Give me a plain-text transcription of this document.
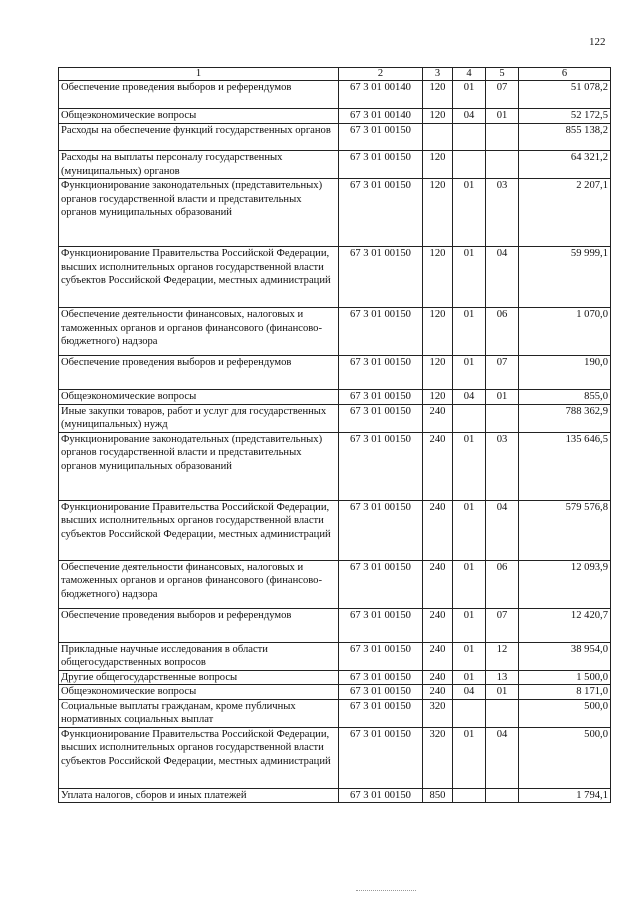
122
1	2	3	4	5	6
Обеспечение проведения выборов и референдумов	67 3 01 00140	120	01	07	51 078,2
Общеэкономические вопросы	67 3 01 00140	120	04	01	52 172,5
Расходы на обеспечение функций государственных органов	67 3 01 00150				855 138,2
Расходы на выплаты персоналу государственных (муниципальных) органов	67 3 01 00150	120			64 321,2
Функционирование законодательных (представительных) органов государственной власти и представительных органов муниципальных образований	67 3 01 00150	120	01	03	2 207,1
Функционирование Правительства Российской Федерации, высших исполнительных органов государственной власти субъектов Российской Федерации, местных администраций	67 3 01 00150	120	01	04	59 999,1
Обеспечение деятельности финансовых, налоговых и таможенных органов и органов финансового (финансово-бюджетного) надзора	67 3 01 00150	120	01	06	1 070,0
Обеспечение проведения выборов и референдумов	67 3 01 00150	120	01	07	190,0
Общеэкономические вопросы	67 3 01 00150	120	04	01	855,0
Иные закупки товаров, работ и услуг для государственных (муниципальных) нужд	67 3 01 00150	240			788 362,9
Функционирование законодательных (представительных) органов государственной власти и представительных органов муниципальных образований	67 3 01 00150	240	01	03	135 646,5
Функционирование Правительства Российской Федерации, высших исполнительных органов государственной власти субъектов Российской Федерации, местных администраций	67 3 01 00150	240	01	04	579 576,8
Обеспечение деятельности финансовых, налоговых и таможенных органов и органов финансового (финансово-бюджетного) надзора	67 3 01 00150	240	01	06	12 093,9
Обеспечение проведения выборов и референдумов	67 3 01 00150	240	01	07	12 420,7
Прикладные научные исследования в области общегосударственных вопросов	67 3 01 00150	240	01	12	38 954,0
Другие общегосударственные вопросы	67 3 01 00150	240	01	13	1 500,0
Общеэкономические вопросы	67 3 01 00150	240	04	01	8 171,0
Социальные выплаты гражданам, кроме публичных нормативных социальных выплат	67 3 01 00150	320			500,0
Функционирование Правительства Российской Федерации, высших исполнительных органов государственной власти субъектов Российской Федерации, местных администраций	67 3 01 00150	320	01	04	500,0
Уплата налогов, сборов и иных платежей	67 3 01 00150	850			1 794,1
